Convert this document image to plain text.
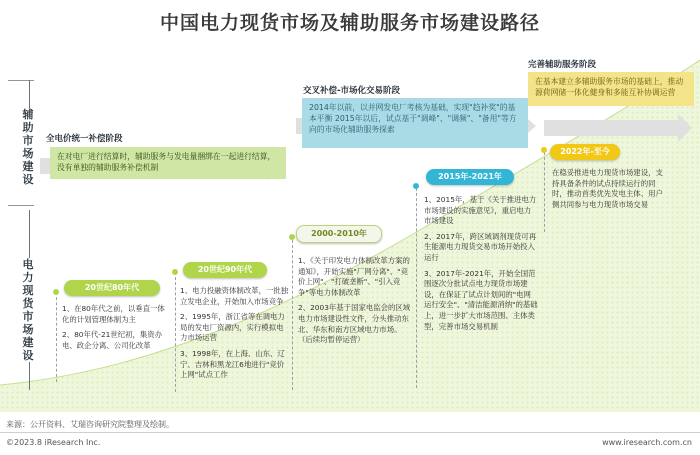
中国电力现货市场及辅助服务市场建设路径
辅助市场建设
电力现货市场建设
全电价统一补偿阶段
在对电厂进行结算时，辅助服务与发电量捆绑在一起进行结算，没有单独的辅助服务补偿机制
交叉补偿-市场化交易阶段
2014年以前，以并网发电厂考核为基础，实现"趋补奖"的基本平衡 2015年以后，试点基于"调峰"、"调频"、"备用"等方向的市场化辅助服务探索
完善辅助服务阶段
在基本建立多辅助服务市场的基础上，推动源荷网储一体化健身和多能互补协调运营
20世纪80年代

1、在80年代之前，以垂直一体化的计划管理体制为主

2、80年代-21世纪初，集资办电、政企分离、公司化改革

20世纪90年代

1、电力投融资体制改革，一批独立发电企业，开始加入市场竞争

2、1995年，浙江省等在调电力局的发电厂资源内，实行模拟电力市场运营

3、1998年，在上海、山东、辽宁、吉林和黑龙江6地进行"竞价上网"试点工作

2000-2010年

1、《关于印发电力体制改革方案的通知》，开始实施"厂网分离"、"竞价上网"、"打破垄断"、"引入竞争"等电力体制改革

2、2003年基于国家电监会的区域电力市场建设性文件，分头推动东北、华东和南方区域电力市场。（后续均暂停运营）

2015年-2021年

1、2015年，基于《关于推进电力市场建设的实施意见》，重启电力市场建设

2、2017年，跨区域调剂现货可再生能源电力现货交易市场开始投入运行

3、2017年-2021年，开始全国范围逐次分批试点电力现货市场建设，在保证了试点计划间的"电网运行安全"、"清洁能源消纳"的基础上，进一步扩大市场范围、主体类型，完善市场交易机制

2022年-至今

在稳妥推进电力现货市场建设，支持具备条件的试点持续运行的同时，推动首类优先发电主体、用户侧共同参与电力现货市场交易

来源：公开资料、艾瑞咨询研究院整理及绘制。
©2023.8 iResearch Inc.	www.iresearch.com.cn
